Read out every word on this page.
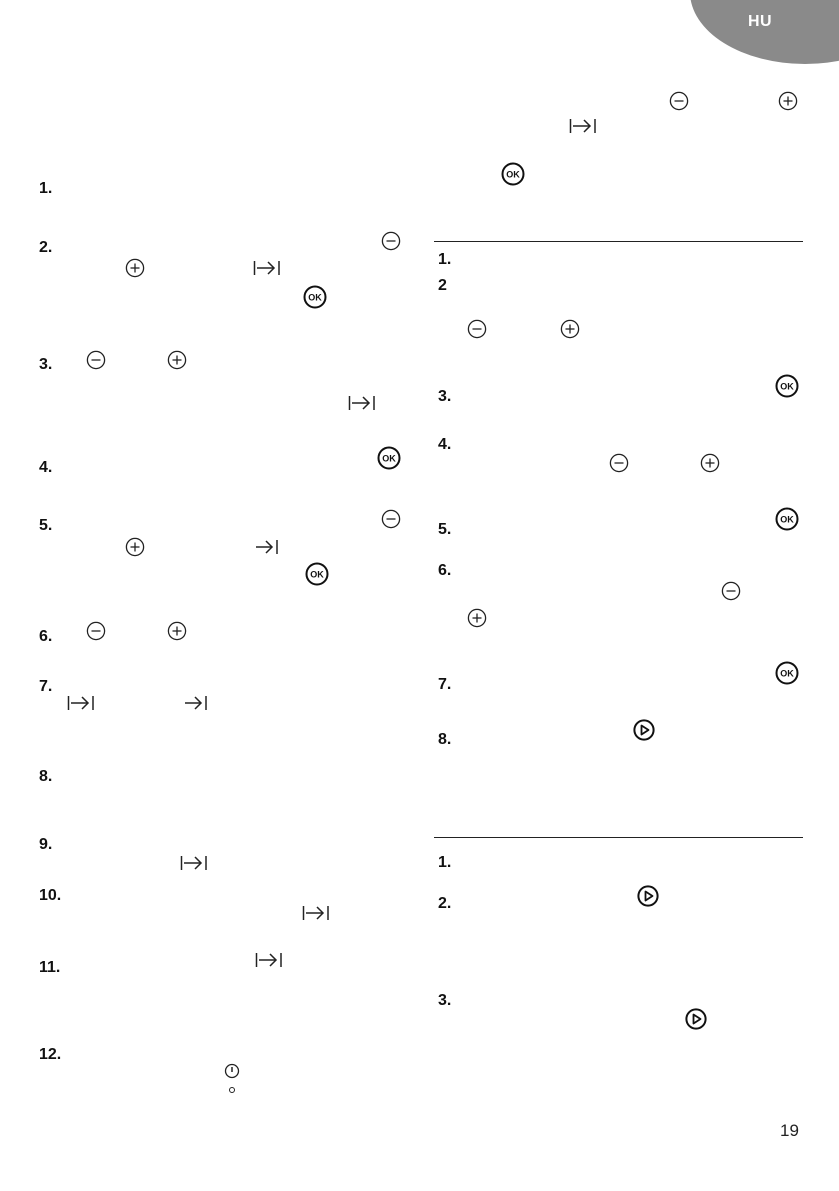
HU
1.
2.
3.
4.
5.
6.
7.
8.
9.
10.
11.
12.
1.
2
3.
4.
5.
6.
7.
8.
1.
2.
3.
OK
OK
OK
OK
OK
OK
OK
19
